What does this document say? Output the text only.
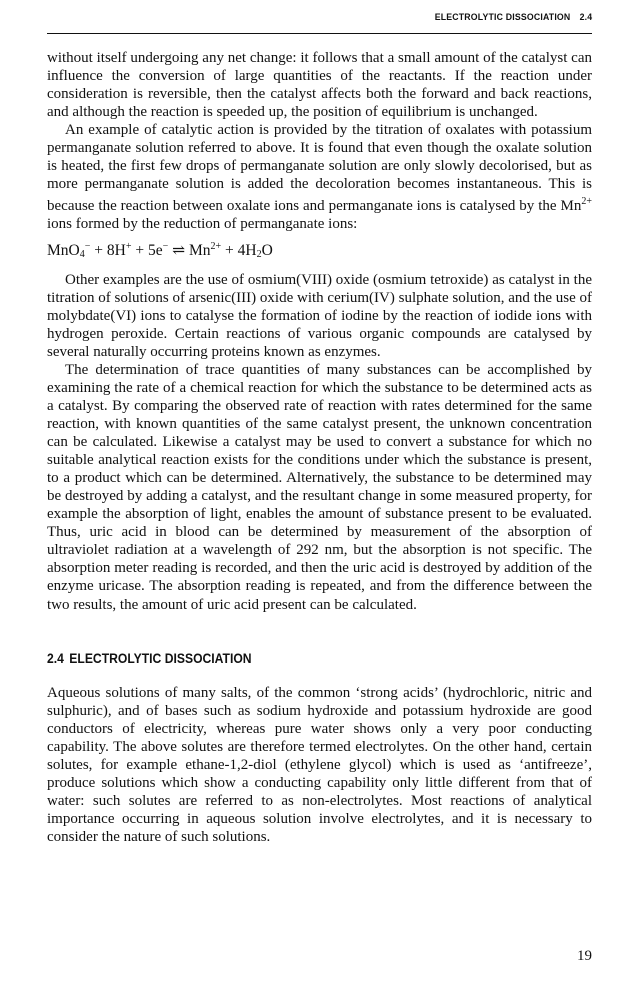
ELECTROLYTIC DISSOCIATION 2.4

without itself undergoing any net change: it follows that a small amount of the catalyst can influence the conversion of large quantities of the reactants. If the reaction under consideration is reversible, then the catalyst affects both the forward and back reactions, and although the reaction is speeded up, the position of equilibrium is unchanged.

An example of catalytic action is provided by the titration of oxalates with potassium permanganate solution referred to above. It is found that even though the oxalate solution is heated, the first few drops of permanganate solution are only slowly decolorised, but as more permanganate solution is added the decoloration becomes instantaneous. This is because the reaction between oxalate ions and permanganate ions is catalysed by the $Mn^{2+}$ ions formed by the reduction of permanganate ions:

MnO$_4$− + 8H+ + 5e− ⇌ $Mn^{2+} + 4H_2O$

Other examples are the use of osmium(VIII) oxide (osmium tetroxide) as catalyst in the titration of solutions of arsenic(III) oxide with cerium(IV) sulphate solution, and the use of molybdate(VI) ions to catalyse the formation of iodine by the reaction of iodide ions with hydrogen peroxide. Certain reactions of various organic compounds are catalysed by several naturally occurring proteins known as enzymes.

The determination of trace quantities of many substances can be accomplished by examining the rate of a chemical reaction for which the substance to be determined acts as a catalyst. By comparing the observed rate of reaction with rates determined for the same reaction, with known quantities of the same catalyst present, the unknown concentration can be calculated. Likewise a catalyst may be used to convert a substance for which no suitable analytical reaction exists for the conditions under which the substance is present, to a product which can be determined. Alternatively, the substance to be determined may be destroyed by adding a catalyst, and the resultant change in some measured property, for example the absorption of light, enables the amount of substance present to be evaluated. Thus, uric acid in blood can be determined by measurement of the absorption of ultraviolet radiation at a wavelength of 292 nm, but the absorption is not specific. The absorption meter reading is recorded, and then the uric acid is destroyed by addition of the enzyme uricase. The absorption reading is repeated, and from the difference between the two results, the amount of uric acid present can be calculated.

2.4 ELECTROLYTIC DISSOCIATION

Aqueous solutions of many salts, of the common ‘strong acids’ (hydrochloric, nitric and sulphuric), and of bases such as sodium hydroxide and potassium hydroxide are good conductors of electricity, whereas pure water shows only a very poor conducting capability. The above solutes are therefore termed electrolytes. On the other hand, certain solutes, for example ethane-1,2-diol (ethylene glycol) which is used as ‘antifreeze’, produce solutions which show a conducting capability only little different from that of water: such solutes are referred to as non-electrolytes. Most reactions of analytical importance occurring in aqueous solution involve electrolytes, and it is necessary to consider the nature of such solutions.

19
